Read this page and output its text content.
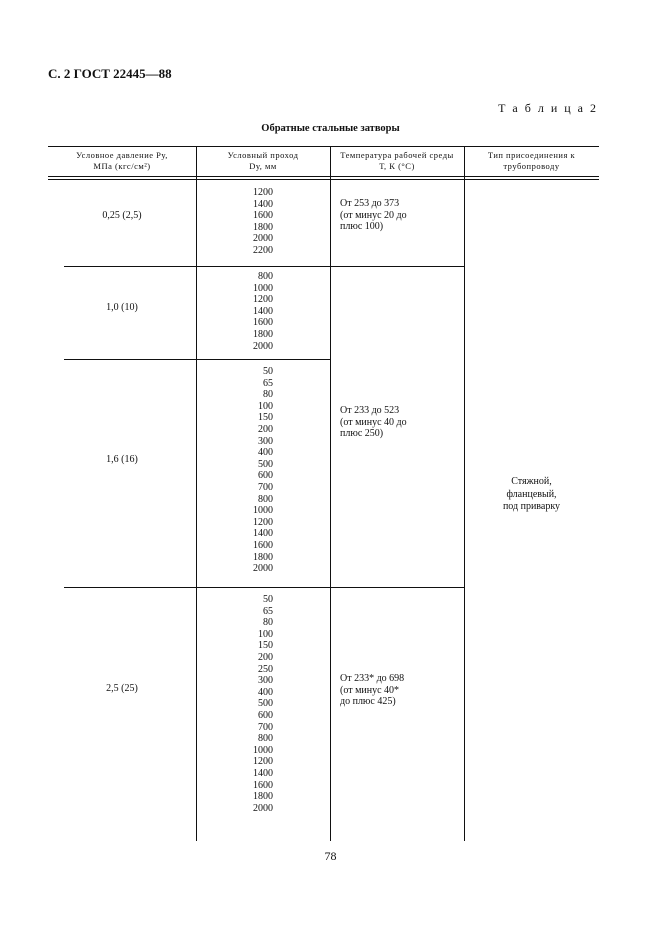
С. 2 ГОСТ 22445—88
Т а б л и ц а 2
Обратные стальные затворы
Условное давление Pу,
МПа (кгс/см²)
Условный проход
Dу, мм
Температура рабочей среды
Т, К (°С)
Тип присоединения к
трубопроводу
0,25 (2,5)
1,0 (10)
1,6 (16)
2,5 (25)
1200
1400
1600
1800
2000
2200
800
1000
1200
1400
1600
1800
2000
50
65
80
100
150
200
300
400
500
600
700
800
1000
1200
1400
1600
1800
2000
50
65
80
100
150
200
250
300
400
500
600
700
800
1000
1200
1400
1600
1800
2000
От 253 до 373
(от минус 20 до
плюс 100)
От 233 до 523
(от минус 40 до
плюс 250)
От 233* до 698
(от минус 40*
до плюс 425)
Стяжной,
фланцевый,
под приварку
78
